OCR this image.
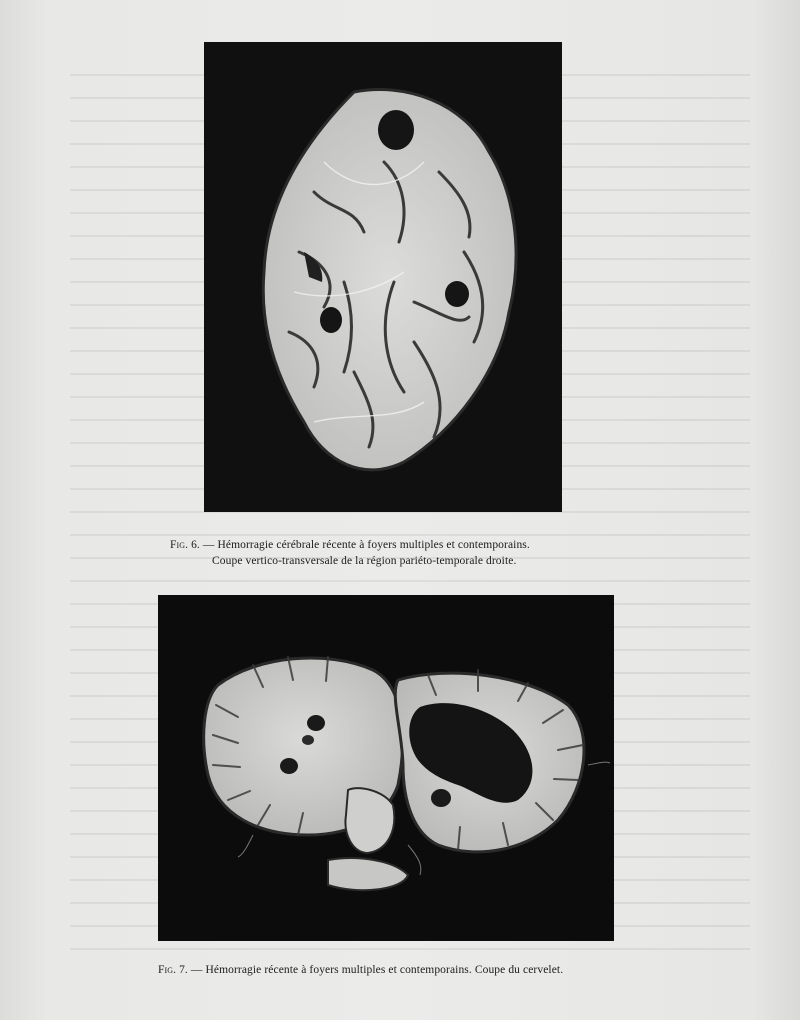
Fig. 6. — Hémorragie cérébrale récente à foyers multiples et contemporains.
Coupe vertico-transversale de la région pariéto-temporale droite.
Fig. 7. — Hémorragie récente à foyers multiples et contemporains. Coupe du cervelet.
